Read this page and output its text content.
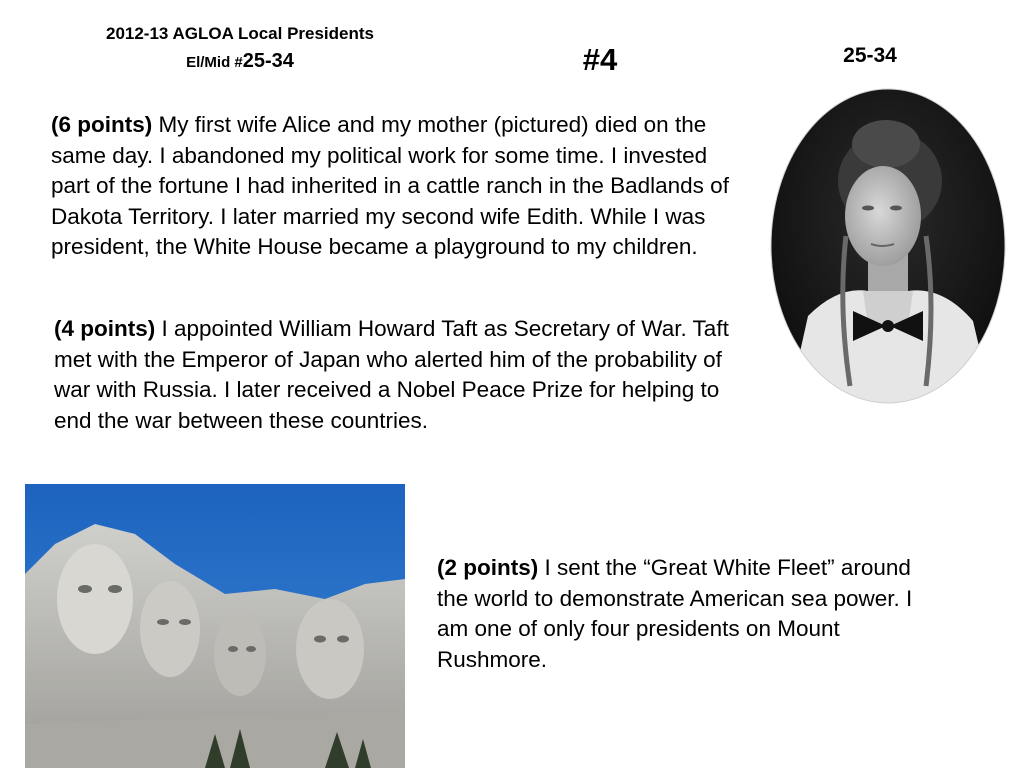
2012-13 AGLOA Local Presidents
El/Mid #25-34	#4	25-34
(6 points) My first wife Alice and my mother (pictured) died on the same day. I abandoned my political work for some time. I invested part of the fortune I had inherited in a cattle ranch in the Badlands of Dakota Territory. I later married my second wife Edith. While I was president, the White House became a playground to my children.
(4 points) I appointed William Howard Taft as Secretary of War. Taft met with the Emperor of Japan who alerted him of the probability of war with Russia. I later received a Nobel Peace Prize for helping to end the war between these countries.
(2 points) I sent the “Great White Fleet” around the world to demonstrate American sea power. I am one of only four presidents on Mount Rushmore.
